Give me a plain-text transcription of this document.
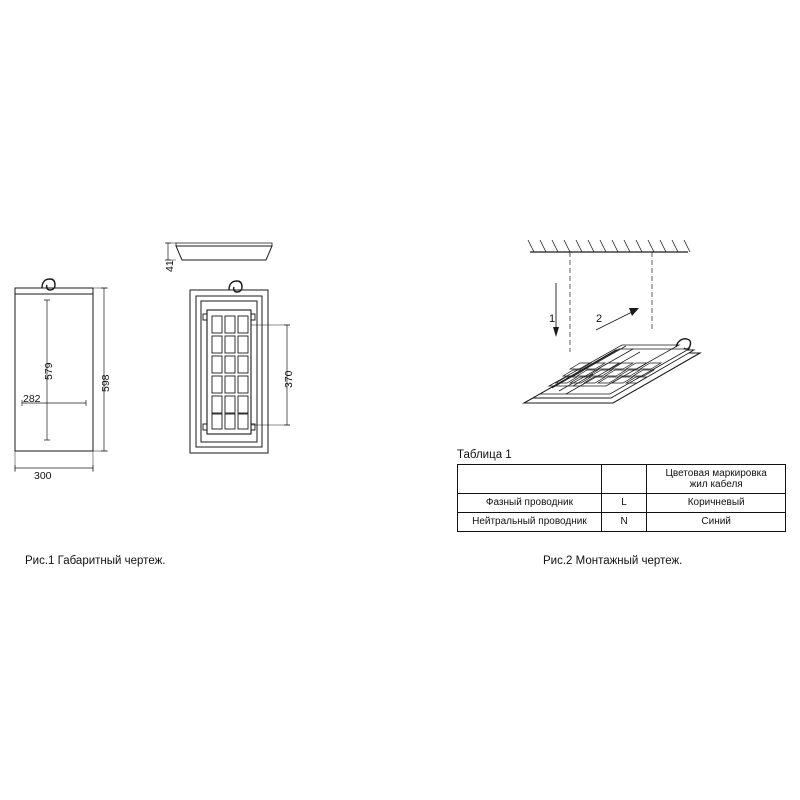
282
300
579
598
41
370
1	2
Рис.1 Габаритный чертеж.	Рис.2 Монтажный чертеж.
Таблица 1
		Цветовая маркировка
жил кабеля
Фазный проводник	L	Коричневый
Нейтральный проводник	N	Синий
